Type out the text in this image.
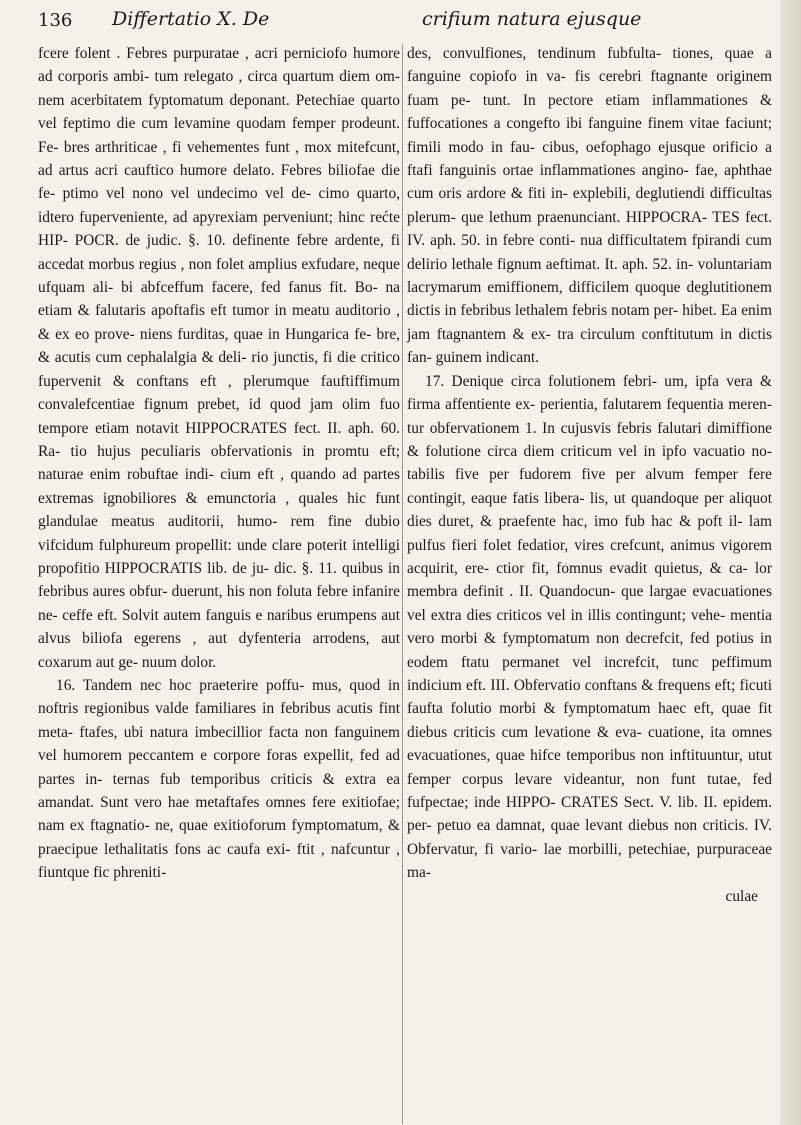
136 Differtatio X. De	crifium natura ejusque

fcere folent . Febres purpuratae , acri perniciofo humore ad corporis ambi- tum relegato , circa quartum diem om- nem acerbitatem fyptomatum deponant. Petechiae quarto vel feptimo die cum levamine quodam femper prodeunt. Fe- bres arthriticae , fi vehementes funt , mox mitefcunt, ad artus acri cauftico humore delato. Febres biliofae die fe- ptimo vel nono vel undecimo vel de- cimo quarto, idtero fuperveniente, ad apyrexiam perveniunt; hinc rećte HIP- POCR. de judic. §. 10. definente febre ardente, fi accedat morbus regius , non folet amplius exfudare, neque ufquam ali- bi abfceffum facere, fed fanus fit. Bo- na etiam & falutaris apoftafis eft tumor in meatu auditorio , & ex eo prove- niens furditas, quae in Hungarica fe- bre, & acutis cum cephalalgia & deli- rio junctis, fi die critico fupervenit & conftans eft , plerumque fauftiffimum convalefcentiae fignum prebet, id quod jam olim fuo tempore etiam notavit HIPPOCRATES fect. II. aph. 60. Ra- tio hujus peculiaris obfervationis in promtu eft; naturae enim robuftae indi- cium eft , quando ad partes extremas ignobiliores & emunctoria , quales hic funt glandulae meatus auditorii, humo- rem fine dubio vifcidum fulphureum propellit: unde clare poterit intelligi propofitio HIPPOCRATIS lib. de ju- dic. §. 11. quibus in febribus aures obfur- duerunt, his non foluta febre infanire ne- ceffe eft. Solvit autem fanguis e naribus erumpens aut alvus biliofa egerens , aut dyfenteria arrodens, aut coxarum aut ge- nuum dolor.

16. Tandem nec hoc praeterire poffu- mus, quod in noftris regionibus valde familiares in febribus acutis fint meta- ftafes, ubi natura imbecillior facta non fanguinem vel humorem peccantem e corpore foras expellit, fed ad partes in- ternas fub temporibus criticis & extra ea amandat. Sunt vero hae metaftafes omnes fere exitiofae; nam ex ftagnatio- ne, quae exitioforum fymptomatum, & praecipue lethalitatis fons ac caufa exi- ftit , nafcuntur , fiuntque fic phreniti-

des, convulfiones, tendinum fubfulta- tiones, quae a fanguine copiofo in va- fis cerebri ftagnante originem fuam pe- tunt. In pectore etiam inflammationes & fuffocationes a congefto ibi fanguine finem vitae faciunt; fimili modo in fau- cibus, oefophago ejusque orificio a ftafi fanguinis ortae inflammationes angino- fae, aphthae cum oris ardore & fiti in- explebili, deglutiendi difficultas plerum- que lethum praenunciant. HIPPOCRA- TES fect. IV. aph. 50. in febre conti- nua difficultatem fpirandi cum delirio lethale fignum aeftimat. It. aph. 52. in- voluntariam lacrymarum emiffionem, difficilem quoque deglutitionem dictis in febribus lethalem febris notam per- hibet. Ea enim jam ftagnantem & ex- tra circulum conftitutum in dictis fan- guinem indicant.

17. Denique circa folutionem febri- um, ipfa vera & firma affentiente ex- perientia, falutarem fequentia meren- tur obfervationem 1. In cujusvis febris falutari dimiffione & folutione circa diem criticum vel in ipfo vacuatio no- tabilis five per fudorem five per alvum femper fere contingit, eaque fatis libera- lis, ut quandoque per aliquot dies duret, & praefente hac, imo fub hac & poft il- lam pulfus fieri folet fedatior, vires crefcunt, animus vigorem acquirit, ere- ctior fit, fomnus evadit quietus, & ca- lor membra definit . II. Quandocun- que largae evacuationes vel extra dies criticos vel in illis contingunt; vehe- mentia vero morbi & fymptomatum non decrefcit, fed potius in eodem ftatu permanet vel increfcit, tunc peffimum indicium eft. III. Obfervatio conftans & frequens eft; ficuti faufta folutio morbi & fymptomatum haec eft, quae fit diebus criticis cum levatione & eva- cuatione, ita omnes evacuationes, quae hifce temporibus non inftituuntur, utut femper corpus levare videantur, non funt tutae, fed fufpectae; inde HIPPO- CRATES Sect. V. lib. II. epidem. per- petuo ea damnat, quae levant diebus non criticis. IV. Obfervatur, fi vario- lae morbilli, petechiae, purpuraceae ma-

culae
